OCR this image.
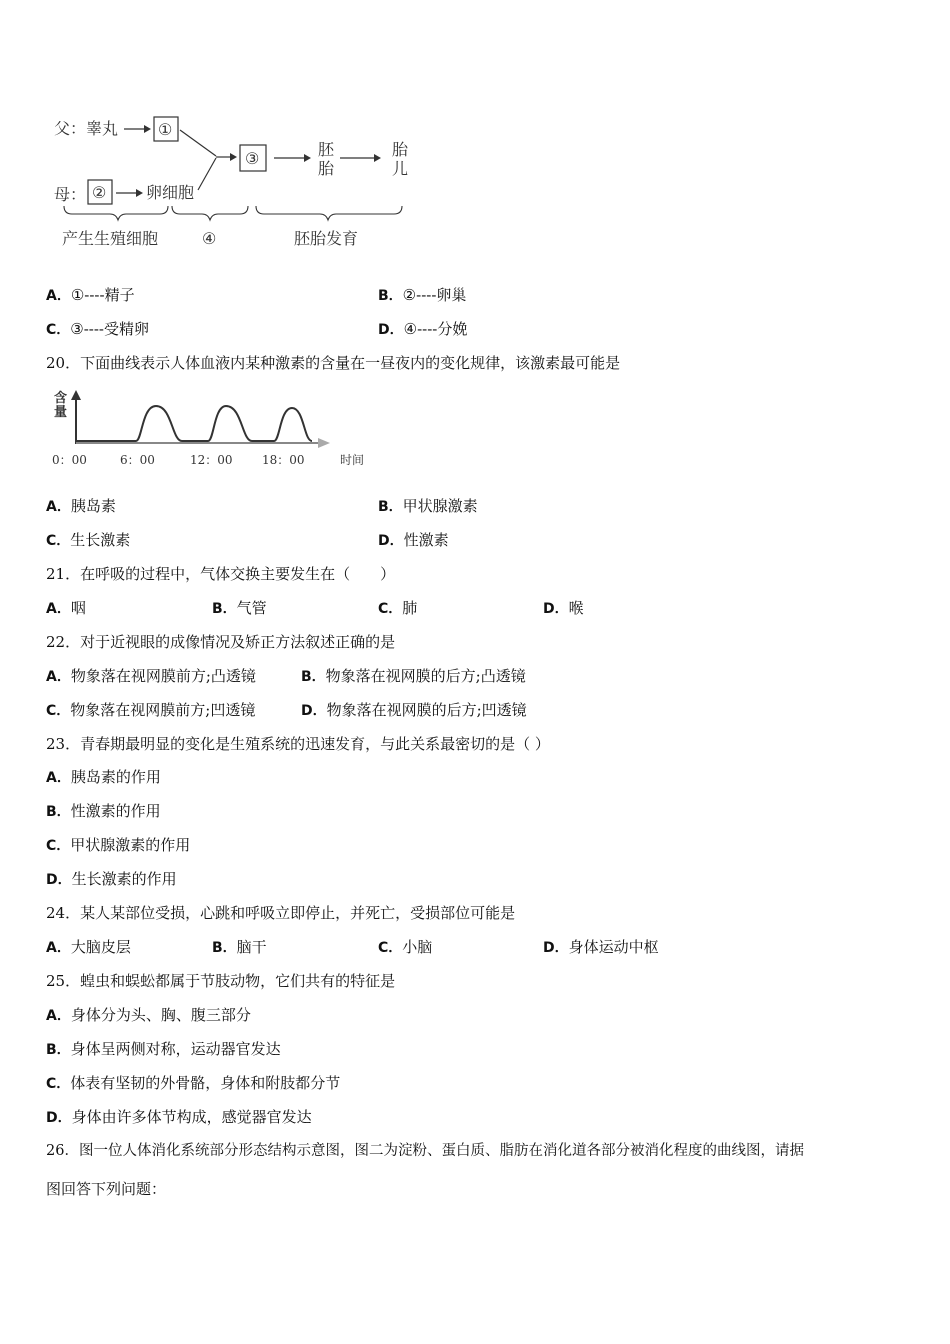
父：睾丸 ①
③	胚
胎
胎
儿
母： ② 卵细胞
产生生殖细胞	④	胚胎发育
A．①----精子	B．②----卵巢
C．③----受精卵	D．④----分娩
20．下面曲线表示人体血液内某种激素的含量在一昼夜内的变化规律，该激素最可能是
含
量
0：00	6：00	12：00 18：00	时间
A．胰岛素	B．甲状腺激素
C．生长激素	D．性激素
21．在呼吸的过程中，气体交换主要发生在（　　）
A．咽	B．气管	C．肺	D．喉
22．对于近视眼的成像情况及矫正方法叙述正确的是
A．物象落在视网膜前方;凸透镜	B．物象落在视网膜的后方;凸透镜
C．物象落在视网膜前方;凹透镜	D．物象落在视网膜的后方;凹透镜
23．青春期最明显的变化是生殖系统的迅速发育，与此关系最密切的是（ ）
A．胰岛素的作用
B．性激素的作用
C．甲状腺激素的作用
D．生长激素的作用
24．某人某部位受损，心跳和呼吸立即停止，并死亡，受损部位可能是
A．大脑皮层	B．脑干	C．小脑	D．身体运动中枢
25．蝗虫和蜈蚣都属于节肢动物，它们共有的特征是
A．身体分为头、胸、腹三部分
B．身体呈两侧对称，运动器官发达
C．体表有坚韧的外骨骼，身体和附肢都分节
D．身体由许多体节构成，感觉器官发达
26．图一位人体消化系统部分形态结构示意图，图二为淀粉、蛋白质、脂肪在消化道各部分被消化程度的曲线图，请据
图回答下列问题：
